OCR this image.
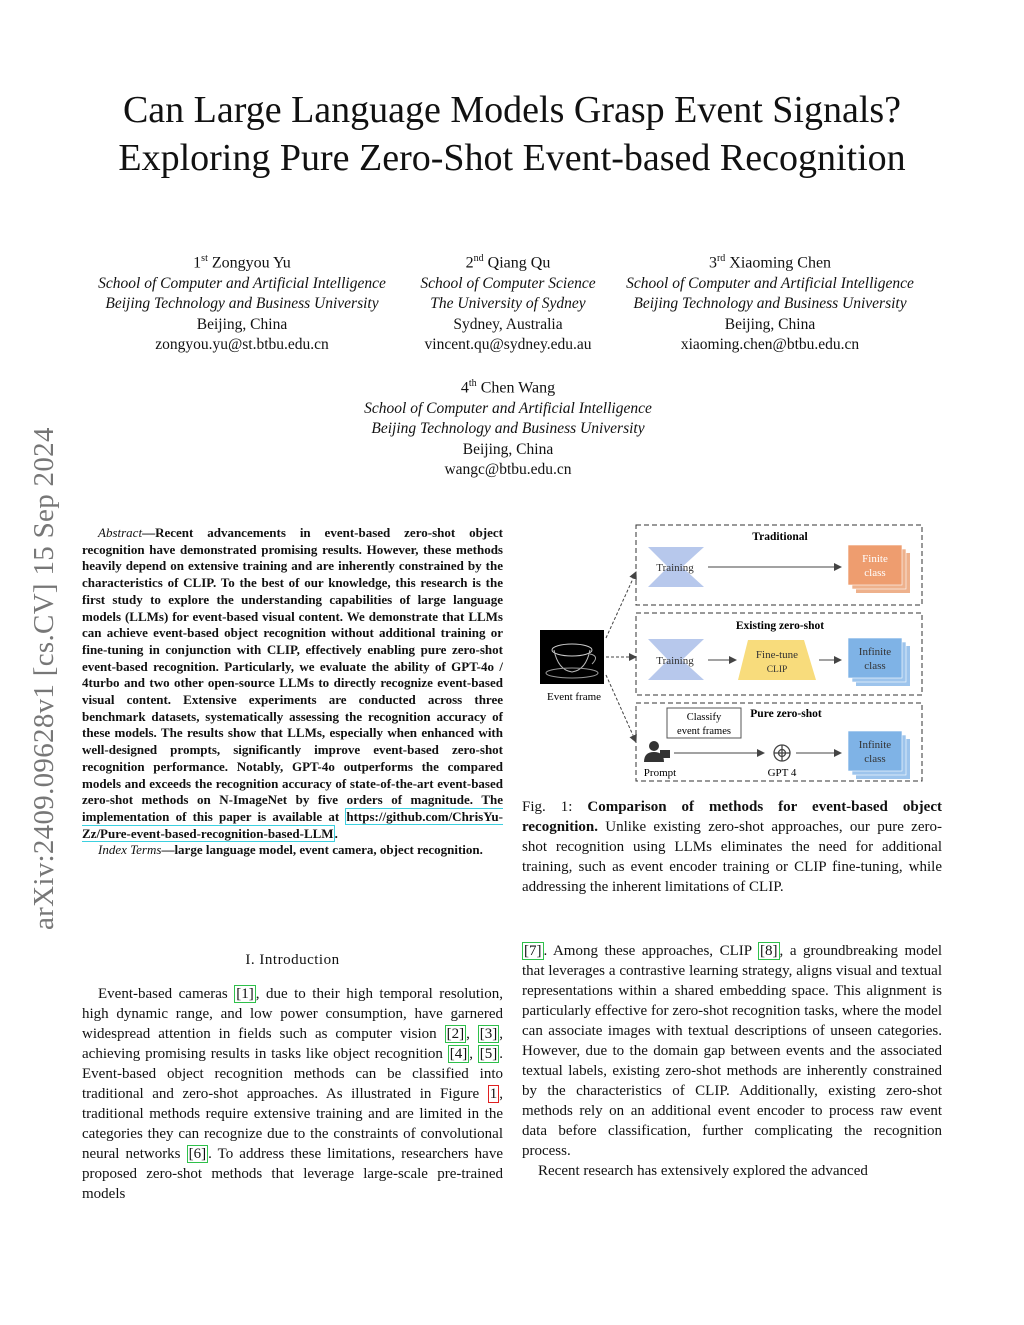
Can Large Language Models Grasp Event Signals?
Exploring Pure Zero-Shot Event-based Recognition
arXiv:2409.09628v1 [cs.CV] 15 Sep 2024
1st Zongyou Yu
School of Computer and Artificial Intelligence
Beijing Technology and Business University
Beijing, China
zongyou.yu@st.btbu.edu.cn
2nd Qiang Qu
School of Computer Science
The University of Sydney
Sydney, Australia
vincent.qu@sydney.edu.au
3rd Xiaoming Chen
School of Computer and Artificial Intelligence
Beijing Technology and Business University
Beijing, China
xiaoming.chen@btbu.edu.cn
4th Chen Wang
School of Computer and Artificial Intelligence
Beijing Technology and Business University
Beijing, China
wangc@btbu.edu.cn
Abstract—Recent advancements in event-based zero-shot object recognition have demonstrated promising results. However, these methods heavily depend on extensive training and are inherently constrained by the characteristics of CLIP. To the best of our knowledge, this research is the first study to explore the understanding capabilities of large language models (LLMs) for event-based visual content. We demonstrate that LLMs can achieve event-based object recognition without additional training or fine-tuning in conjunction with CLIP, effectively enabling pure zero-shot event-based recognition. Particularly, we evaluate the ability of GPT-4o / 4turbo and two other open-source LLMs to directly recognize event-based visual content. Extensive experiments are conducted across three benchmark datasets, systematically assessing the recognition accuracy of these models. The results show that LLMs, especially when enhanced with well-designed prompts, significantly improve event-based zero-shot recognition performance. Notably, GPT-4o outperforms the compared models and exceeds the recognition accuracy of state-of-the-art event-based zero-shot methods on N-ImageNet by five orders of magnitude. The implementation of this paper is available at https://github.com/ChrisYu-Zz/Pure-event-based-recognition-based-LLM.
Index Terms—large language model, event camera, object recognition.
I. Introduction
Event-based cameras [1] , due to their high temporal resolution, high dynamic range, and low power consumption, have garnered widespread attention in fields such as computer vision [2] , [3] , achieving promising results in tasks like object recognition [4] , [5] . Event-based object recognition methods can be classified into traditional and zero-shot approaches. As illustrated in Figure 1 , traditional methods require extensive training and are limited in the categories they can recognize due to the constraints of convolutional neural networks [6] . To address these limitations, researchers have proposed zero-shot methods that leverage large-scale pre-trained models
[7] . Among these approaches, CLIP [8] , a groundbreaking model that leverages a contrastive learning strategy, aligns visual and textual representations within a shared embedding space. This alignment is particularly effective for zero-shot recognition tasks, where the model can associate images with textual descriptions of unseen categories. However, due to the domain gap between events and the associated textual labels, existing zero-shot methods are inherently constrained by the characteristics of CLIP. Additionally, existing zero-shot methods rely on an additional event encoder to process raw event data before classification, further complicating the recognition process.
Recent research has extensively explored the advanced
Traditional
Existing zero-shot
Pure zero-shot
Event frame
Training
Finite
class
Training	Fine-tune
CLIP
Infinite
class
Classify
event frames
Prompt	GPT 4
Infinite
class
Fig. 1: Comparison of methods for event-based object recognition. Unlike existing zero-shot approaches, our pure zero-shot recognition using LLMs eliminates the need for additional training, such as event encoder training or CLIP fine-tuning, while addressing the inherent limitations of CLIP.
